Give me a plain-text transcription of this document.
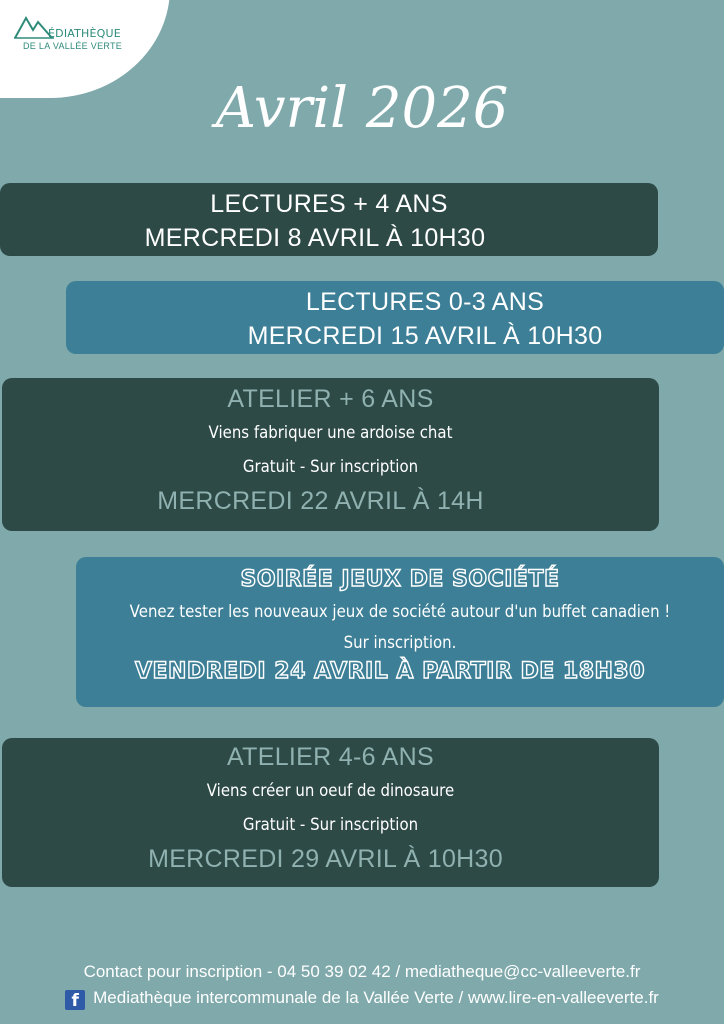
ÉDIATHÈQUE
DE LA VALLÉE VERTE
Avril 2026
LECTURES + 4 ANS
MERCREDI 8 AVRIL À 10H30
LECTURES 0-3 ANS
MERCREDI 15 AVRIL À 10H30
ATELIER + 6 ANS
Viens fabriquer une ardoise chat
Gratuit - Sur inscription
MERCREDI 22 AVRIL À 14H
SOIRÉE JEUX DE SOCIÉTÉ
Venez tester les nouveaux jeux de société autour d'un buffet canadien !
Sur inscription.
VENDREDI 24 AVRIL À PARTIR DE 18H30
ATELIER 4-6 ANS
Viens créer un oeuf de dinosaure
Gratuit - Sur inscription
MERCREDI 29 AVRIL À 10H30
Contact pour inscription - 04 50 39 02 42 / mediatheque@cc-valleeverte.fr
f Mediathèque intercommunale de la Vallée Verte / www.lire-en-valleeverte.fr
